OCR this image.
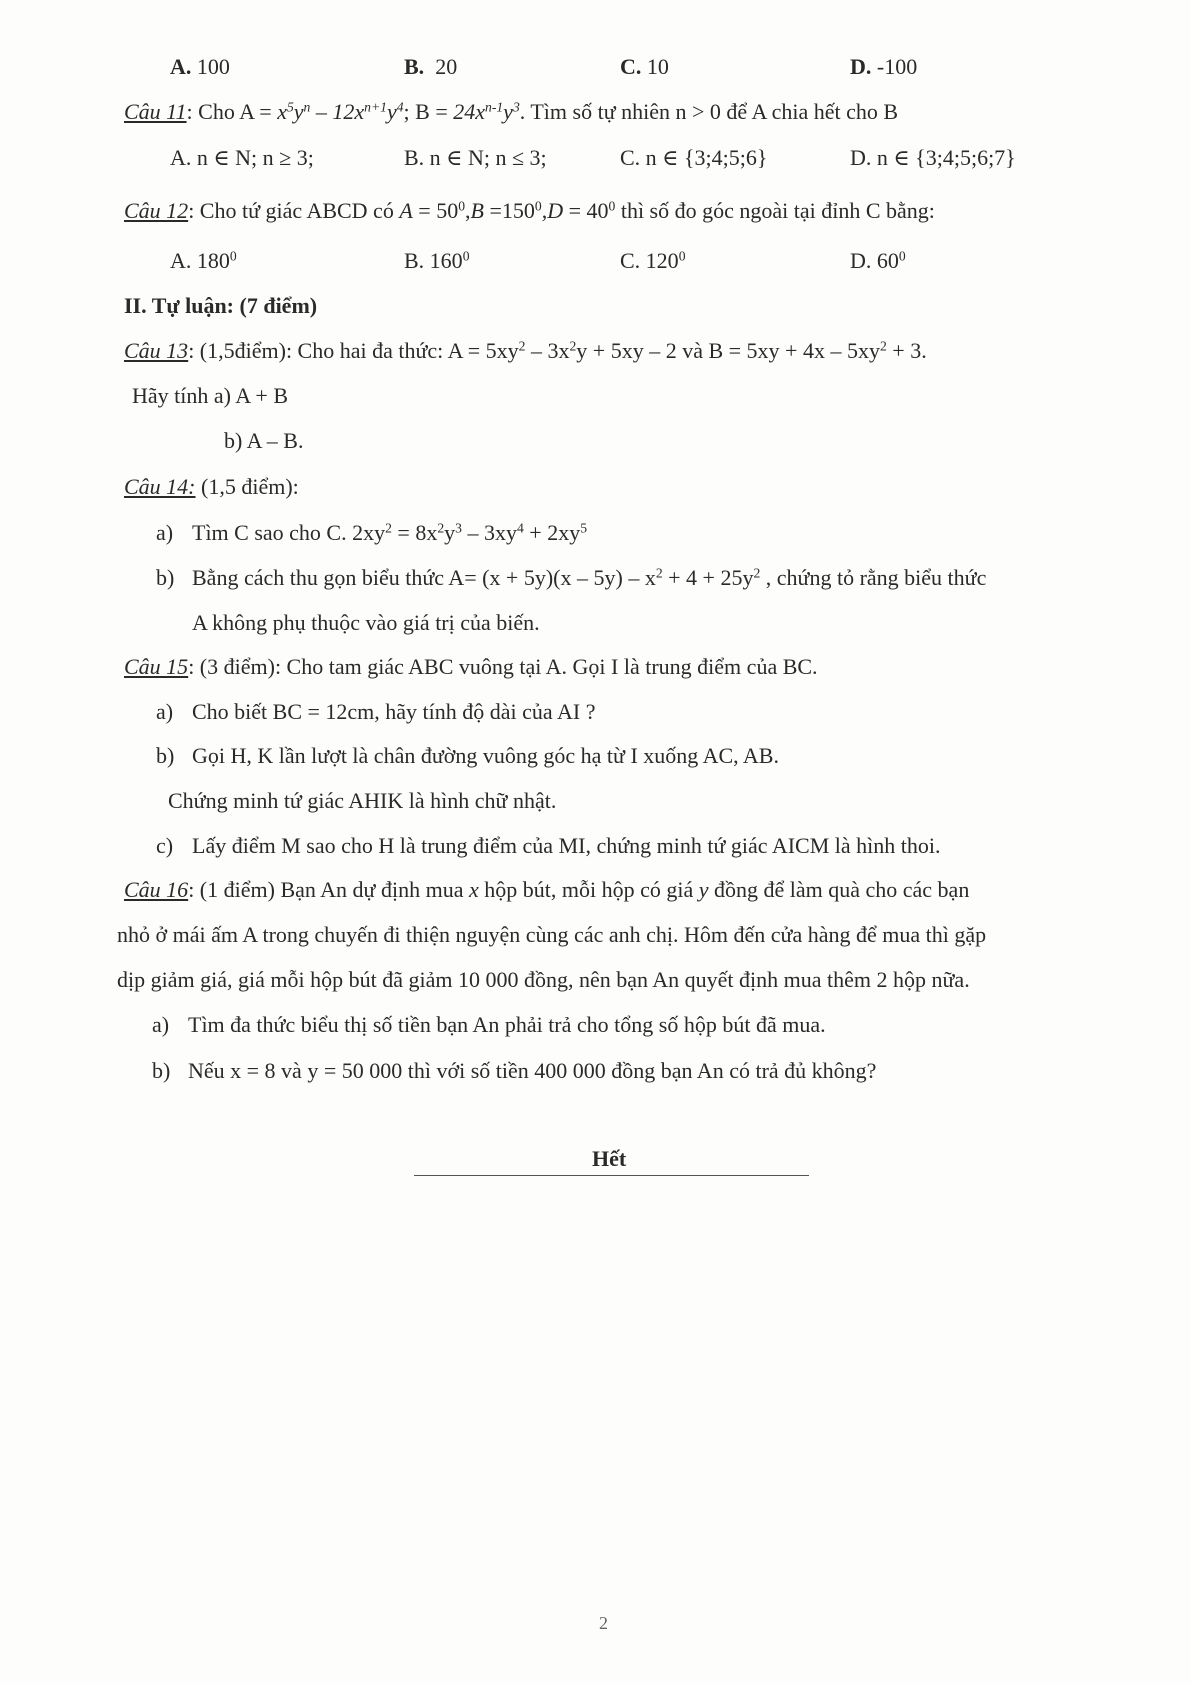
A. 100	B. 20	C. 10	D. -100
Câu 11: Cho $A = x^5y^n - 12x^{n+1}y^4$; $B = 24x^{n-1}y^3$. Tìm số tự nhiên n > 0 để A chia hết cho B
A. n ∈ N; n ≥ 3;	B. n ∈ N; n ≤ 3;	C. n ∈ {3;4;5;6}	D. n ∈ {3;4;5;6;7}
Câu 12: Cho tứ giác ABCD có $A = 50^0,B =150^0,D = 40^0$ thì số đo góc ngoài tại đỉnh C bằng:
A. $180^0$	B. $160^0$	C. $120^0$	D. $60^0$
II. Tự luận: (7 điểm)
Câu 13: (1,5điểm): Cho hai đa thức: $A = 5xy^2 - 3x^2y + 5xy - 2$ và $B = 5xy + 4x - 5xy^2 + 3$.
Hãy tính a) A + B
b) A – B.
Câu 14: (1,5 điểm):
a) Tìm C sao cho C. $2xy^2 = 8x^2y^3 - 3xy^4 + 2xy^5$
b) Bằng cách thu gọn biểu thức $A= (x + 5y)(x - 5y) - x^2 + 4 + 25y^2$ , chứng tỏ rằng biểu thức
A không phụ thuộc vào giá trị của biến.
Câu 15: (3 điểm): Cho tam giác ABC vuông tại A. Gọi I là trung điểm của BC.
a) Cho biết BC = 12cm, hãy tính độ dài của AI ?
b) Gọi H, K lần lượt là chân đường vuông góc hạ từ I xuống AC, AB.
Chứng minh tứ giác AHIK là hình chữ nhật.
c) Lấy điểm M sao cho H là trung điểm của MI, chứng minh tứ giác AICM là hình thoi.
Câu 16: (1 điểm) Bạn An dự định mua x hộp bút, mỗi hộp có giá y đồng để làm quà cho các bạn
nhỏ ở mái ấm A trong chuyến đi thiện nguyện cùng các anh chị. Hôm đến cửa hàng để mua thì gặp
dịp giảm giá, giá mỗi hộp bút đã giảm 10 000 đồng, nên bạn An quyết định mua thêm 2 hộp nữa.
a) Tìm đa thức biểu thị số tiền bạn An phải trả cho tổng số hộp bút đã mua.
b) Nếu x = 8 và y = 50 000 thì với số tiền 400 000 đồng bạn An có trả đủ không?
Hết
2
